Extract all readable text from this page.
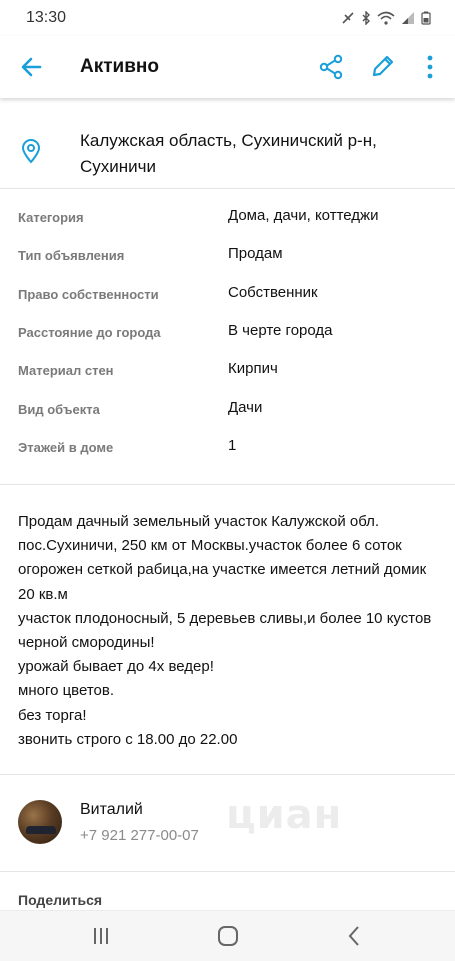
13:30
Активно
Калужская область, Сухиничский р-н, Сухиничи
Категория	Дома, дачи, коттеджи
Тип объявления	Продам
Право собственности	Собственник
Расстояние до города	В черте города
Материал стен	Кирпич
Вид объекта	Дачи
Этажей в доме	1
Продам дачный земельный участок Калужской обл. пос.Сухиничи, 250 км от Москвы.участок более 6 соток огорожен сеткой рабица,на участке имеется летний домик 20 кв.м
участок плодоносный, 5 деревьев сливы,и более 10 кустов черной смородины!
урожай бывает до 4х ведер!
много цветов.
без торга!
звонить строго с 18.00 до 22.00
Виталий
+7 921 277-00-07 циан
Поделиться
